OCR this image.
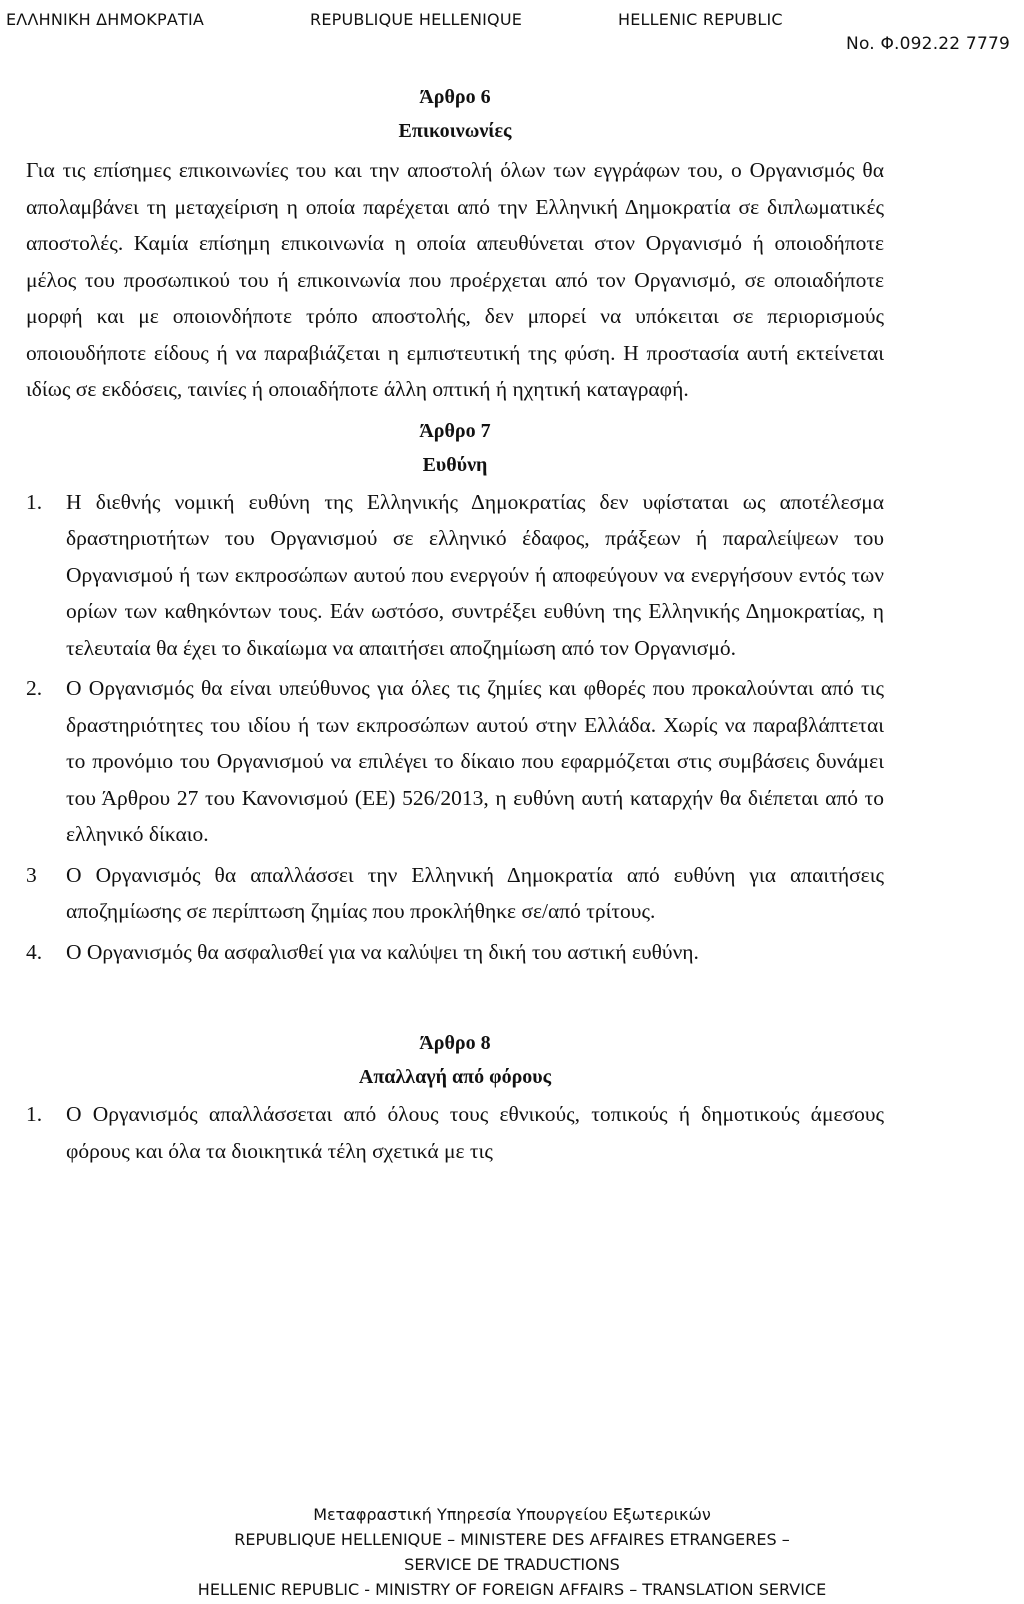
ΕΛΛΗΝΙΚΗ ΔΗΜΟΚΡΑΤΙΑ	REPUBLIQUE HELLENIQUE	HELLENIC REPUBLIC
No. Φ.092.22 7779

Άρθρο 6

Επικοινωνίες

Για τις επίσημες επικοινωνίες του και την αποστολή όλων των εγγράφων του, ο Οργανισμός θα απολαμβάνει τη μεταχείριση η οποία παρέχεται από την Ελληνική Δημοκρατία σε διπλωματικές αποστολές. Καμία επίσημη επικοινωνία η οποία απευθύνεται στον Οργανισμό ή οποιοδήποτε μέλος του προσωπικού του ή επικοινωνία που προέρχεται από τον Οργανισμό, σε οποιαδήποτε μορφή και με οποιονδήποτε τρόπο αποστολής, δεν μπορεί να υπόκειται σε περιορισμούς οποιουδήποτε είδους ή να παραβιάζεται η εμπιστευτική της φύση. Η προστασία αυτή εκτείνεται ιδίως σε εκδόσεις, ταινίες ή οποιαδήποτε άλλη οπτική ή ηχητική καταγραφή.

Άρθρο 7

Ευθύνη

1. Η διεθνής νομική ευθύνη της Ελληνικής Δημοκρατίας δεν υφίσταται ως αποτέλεσμα δραστηριοτήτων του Οργανισμού σε ελληνικό έδαφος, πράξεων ή παραλείψεων του Οργανισμού ή των εκπροσώπων αυτού που ενεργούν ή αποφεύγουν να ενεργήσουν εντός των ορίων των καθηκόντων τους. Εάν ωστόσο, συντρέξει ευθύνη της Ελληνικής Δημοκρατίας, η τελευταία θα έχει το δικαίωμα να απαιτήσει αποζημίωση από τον Οργανισμό.
2. Ο Οργανισμός θα είναι υπεύθυνος για όλες τις ζημίες και φθορές που προκαλούνται από τις δραστηριότητες του ιδίου ή των εκπροσώπων αυτού στην Ελλάδα. Χωρίς να παραβλάπτεται το προνόμιο του Οργανισμού να επιλέγει το δίκαιο που εφαρμόζεται στις συμβάσεις δυνάμει του Άρθρου 27 του Κανονισμού (ΕΕ) 526/2013, η ευθύνη αυτή καταρχήν θα διέπεται από το ελληνικό δίκαιο.
3 Ο Οργανισμός θα απαλλάσσει την Ελληνική Δημοκρατία από ευθύνη για απαιτήσεις αποζημίωσης σε περίπτωση ζημίας που προκλήθηκε σε/από τρίτους.
4. Ο Οργανισμός θα ασφαλισθεί για να καλύψει τη δική του αστική ευθύνη.

Άρθρο 8

Απαλλαγή από φόρους

1. Ο Οργανισμός απαλλάσσεται από όλους τους εθνικούς, τοπικούς ή δημοτικούς άμεσους φόρους και όλα τα διοικητικά τέλη σχετικά με τις
Μεταφραστική Υπηρεσία Υπουργείου Εξωτερικών
REPUBLIQUE HELLENIQUE – MINISTERE DES AFFAIRES ETRANGERES –
SERVICE DE TRADUCTIONS
HELLENIC REPUBLIC - MINISTRY OF FOREIGN AFFAIRS – TRANSLATION SERVICE
